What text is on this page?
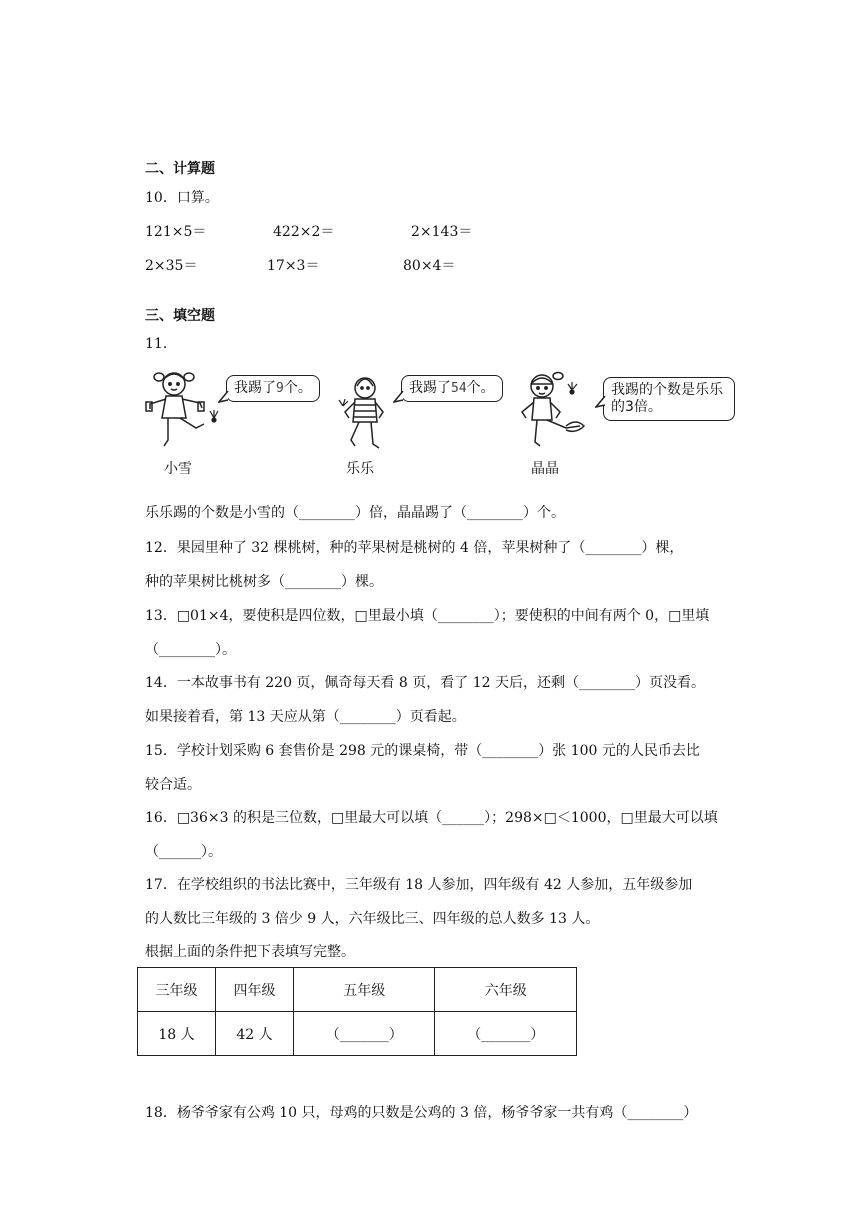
二、计算题
10．口算。
121×5＝	422×2＝	2×143＝
2×35＝	17×3＝	80×4＝
三、填空题
11．
小雪
我踢了9个。
乐乐
我踢了54个。
晶晶
我踢的个数是乐乐
的3倍。
乐乐踢的个数是小雪的（________）倍，晶晶踢了（________）个。
12．果园里种了 32 棵桃树，种的苹果树是桃树的 4 倍，苹果树种了（________）棵，
种的苹果树比桃树多（________）棵。
13．□01×4，要使积是四位数，□里最小填（________）；要使积的中间有两个 0，□里填
（________）。
14．一本故事书有 220 页，佩奇每天看 8 页，看了 12 天后，还剩（________）页没看。
如果接着看，第 13 天应从第（________）页看起。
15．学校计划采购 6 套售价是 298 元的课桌椅，带（________）张 100 元的人民币去比
较合适。
16．□36×3 的积是三位数，□里最大可以填（______）；298×□＜1000，□里最大可以填
（______）。
17．在学校组织的书法比赛中，三年级有 18 人参加，四年级有 42 人参加，五年级参加
的人数比三年级的 3 倍少 9 人，六年级比三、四年级的总人数多 13 人。
根据上面的条件把下表填写完整。
三年级	四年级	五年级	六年级
18 人	42 人	（_______）	（_______）
18．杨爷爷家有公鸡 10 只，母鸡的只数是公鸡的 3 倍，杨爷爷家一共有鸡（________）
